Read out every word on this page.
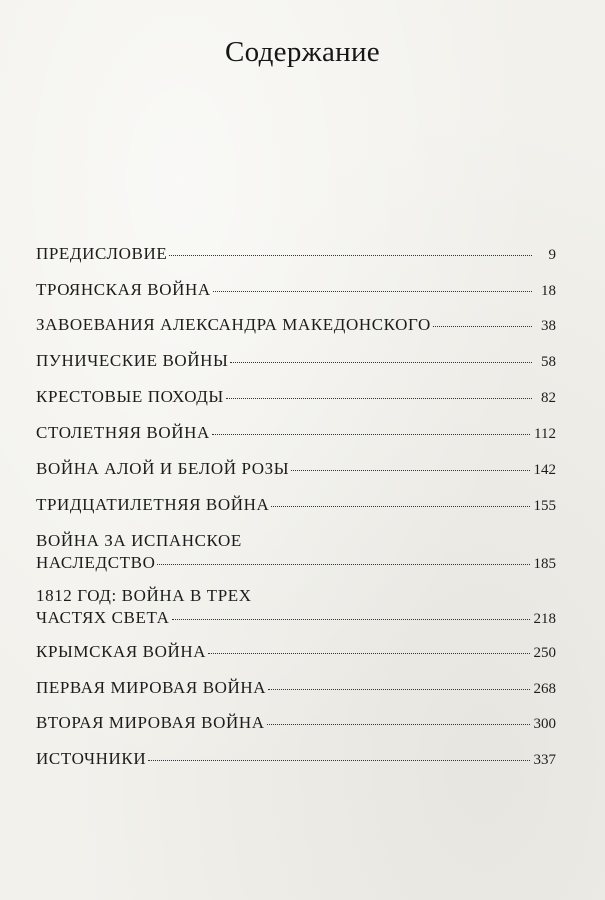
Содержание
ПРЕДИСЛОВИЕ	9
ТРОЯНСКАЯ ВОЙНА	18
ЗАВОЕВАНИЯ АЛЕКСАНДРА МАКЕДОНСКОГО	38
ПУНИЧЕСКИЕ ВОЙНЫ	58
КРЕСТОВЫЕ ПОХОДЫ	82
СТОЛЕТНЯЯ ВОЙНА	112
ВОЙНА АЛОЙ И БЕЛОЙ РОЗЫ	142
ТРИДЦАТИЛЕТНЯЯ ВОЙНА	155
ВОЙНА ЗА ИСПАНСКОЕ
НАСЛЕДСТВО	185
1812 ГОД: ВОЙНА В ТРЕХ
ЧАСТЯХ СВЕТА	218
КРЫМСКАЯ ВОЙНА	250
ПЕРВАЯ МИРОВАЯ ВОЙНА	268
ВТОРАЯ МИРОВАЯ ВОЙНА	300
ИСТОЧНИКИ	337
